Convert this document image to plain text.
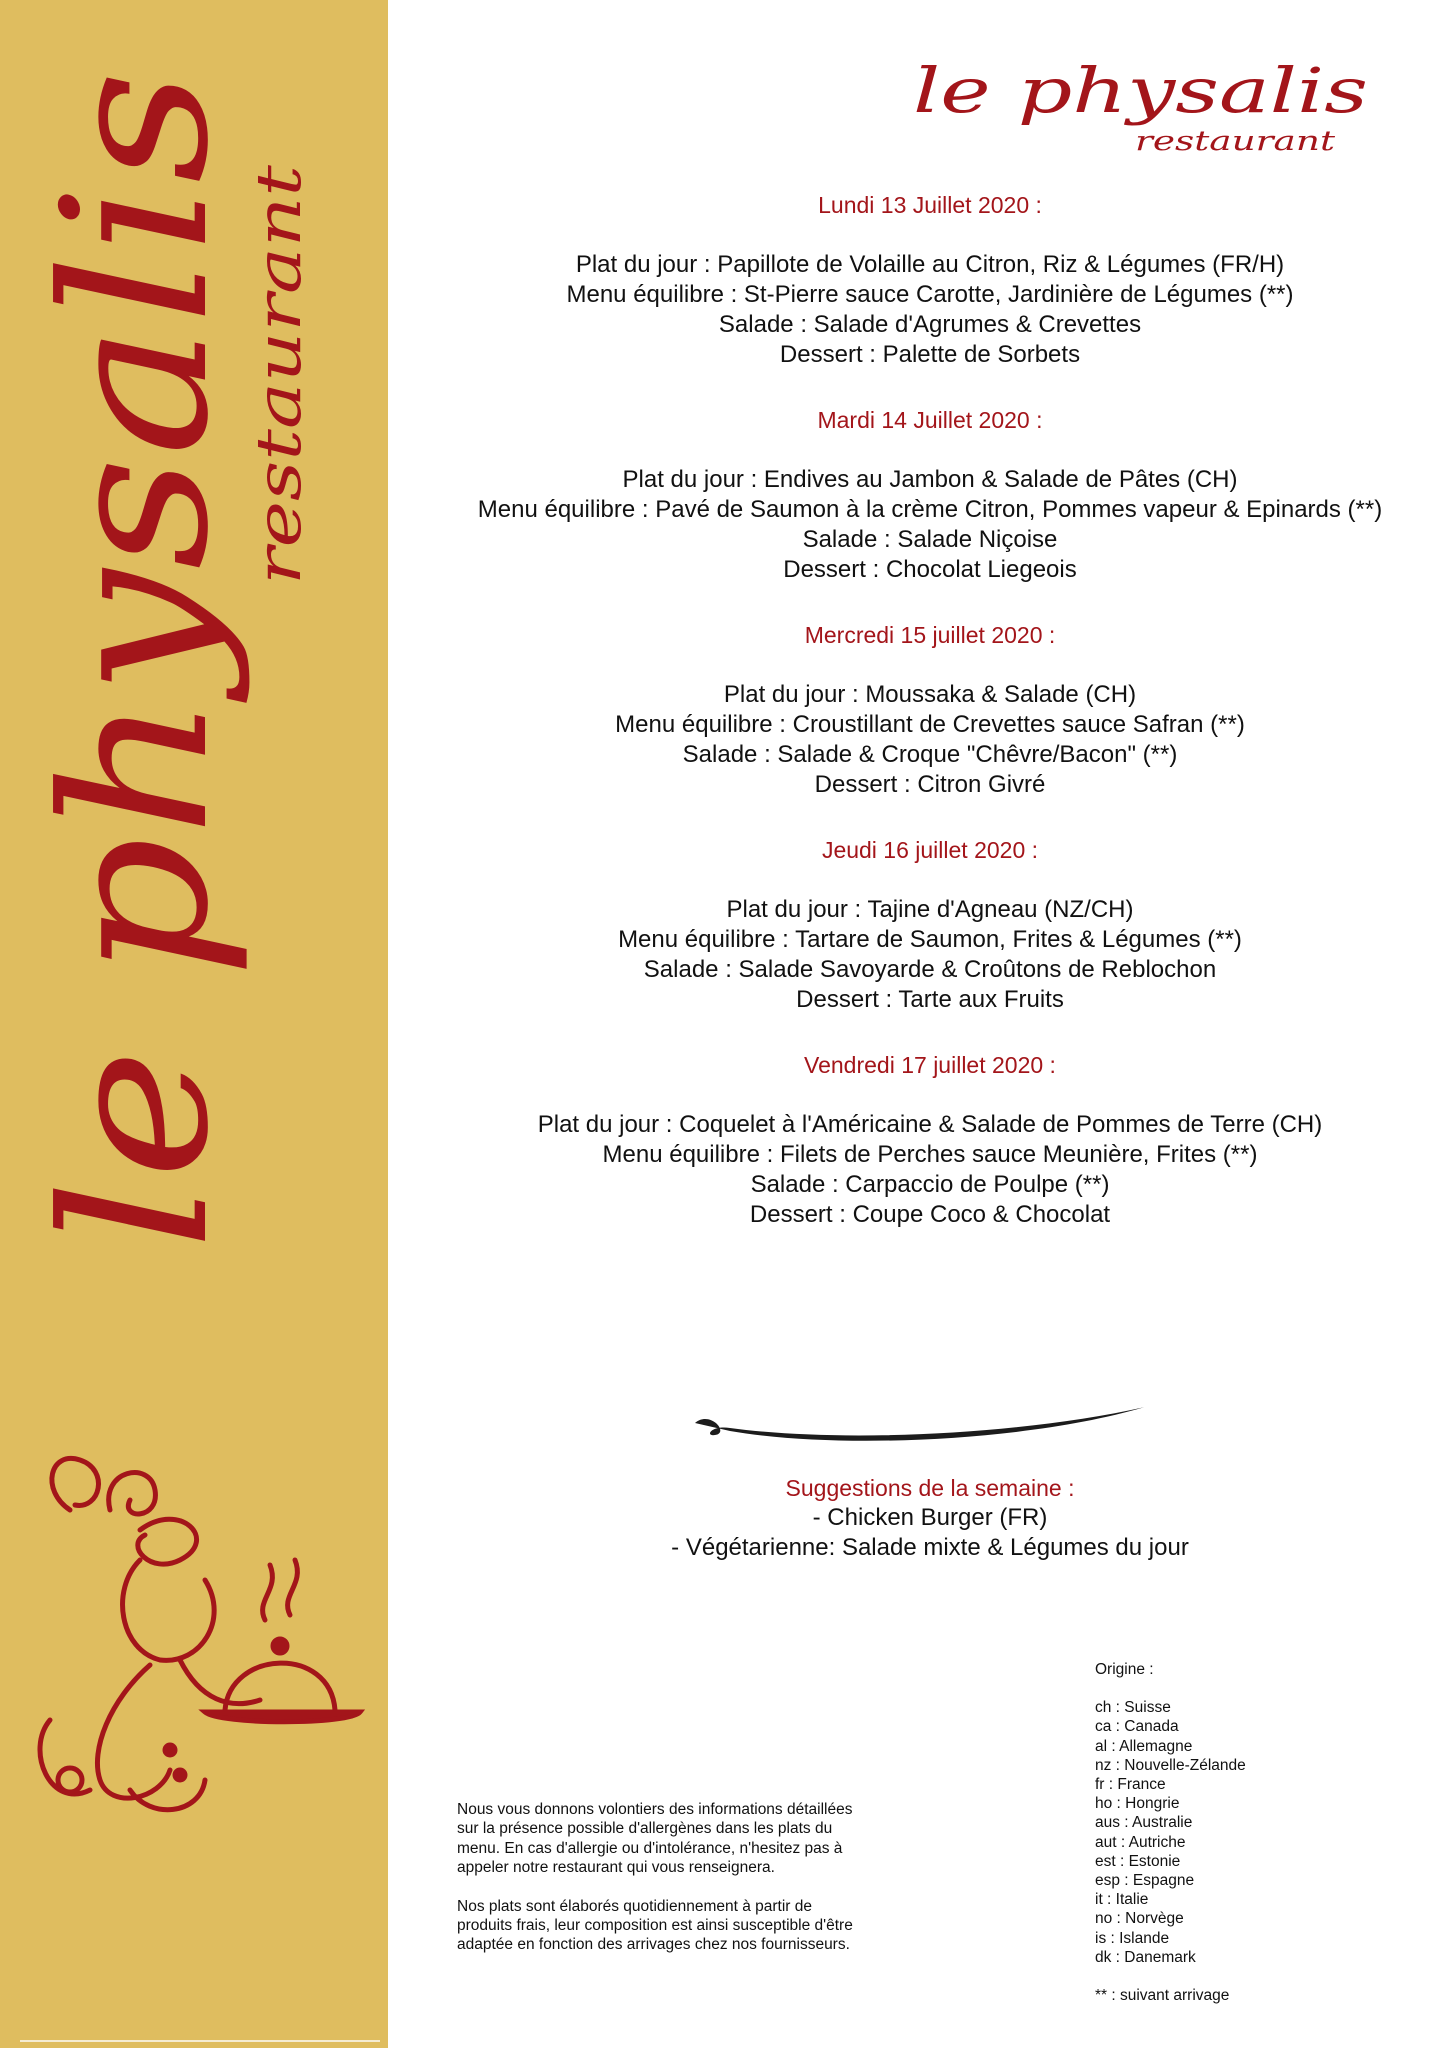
le physalis
restaurant
le physalis
restaurant
Lundi 13 Juillet 2020 :
Plat du jour : Papillote de Volaille au Citron, Riz & Légumes (FR/H)
Menu équilibre : St-Pierre sauce Carotte, Jardinière de Légumes (**)
Salade : Salade d'Agrumes & Crevettes
Dessert : Palette de Sorbets
Mardi 14 Juillet 2020 :
Plat du jour : Endives au Jambon & Salade de Pâtes (CH)
Menu équilibre : Pavé de Saumon à la crème Citron, Pommes vapeur & Epinards (**)
Salade : Salade Niçoise
Dessert : Chocolat Liegeois
Mercredi 15 juillet 2020 :
Plat du jour : Moussaka & Salade (CH)
Menu équilibre : Croustillant de Crevettes sauce Safran (**)
Salade : Salade & Croque "Chêvre/Bacon" (**)
Dessert : Citron Givré
Jeudi 16 juillet 2020 :
Plat du jour : Tajine d'Agneau (NZ/CH)
Menu équilibre : Tartare de Saumon, Frites & Légumes (**)
Salade : Salade Savoyarde & Croûtons de Reblochon
Dessert : Tarte aux Fruits
Vendredi 17 juillet 2020 :
Plat du jour : Coquelet à l'Américaine & Salade de Pommes de Terre (CH)
Menu équilibre : Filets de Perches sauce Meunière, Frites (**)
Salade : Carpaccio de Poulpe (**)
Dessert : Coupe Coco & Chocolat
Suggestions de la semaine :
- Chicken Burger (FR)
- Végétarienne: Salade mixte & Légumes du jour
Origine :
ch : Suisse
ca : Canada
al : Allemagne
nz : Nouvelle-Zélande
fr : France
ho : Hongrie
aus : Australie
aut : Autriche
est : Estonie
esp : Espagne
it : Italie
no : Norvège
is : Islande
dk : Danemark
** : suivant arrivage

Nous vous donnons volontiers des informations détaillées
sur la présence possible d'allergènes dans les plats du
menu. En cas d'allergie ou d'intolérance, n'hesitez pas à
appeler notre restaurant qui vous renseignera.

Nos plats sont élaborés quotidiennement à partir de
produits frais, leur composition est ainsi susceptible d'être
adaptée en fonction des arrivages chez nos fournisseurs.
